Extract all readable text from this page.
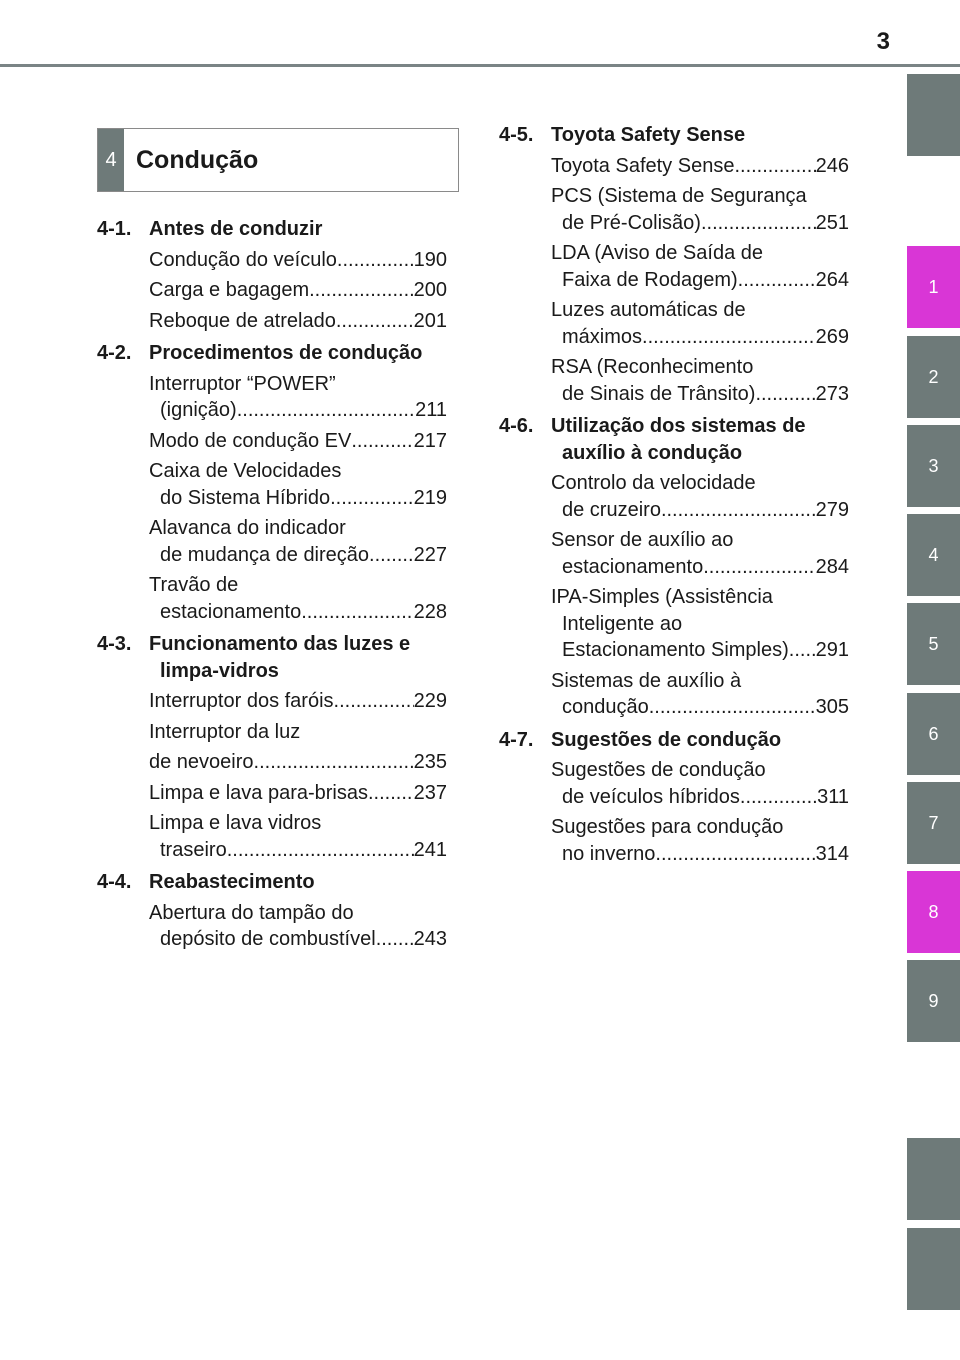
3
1
2
3
4
5
6
7
8
9
4 Condução
4-1. Antes de conduzir
Condução do veículo .....	190
Carga e bagagem .....	200
Reboque de atrelado .....	201
4-2. Procedimentos de condução
Interruptor “POWER”
(ignição) .....	211
Modo de condução EV .....	217
Caixa de Velocidades
do Sistema Híbrido .....	219
Alavanca do indicador
de mudança de direção ..... 227
Travão de
estacionamento .....	228
4-3. Funcionamento das luzes e
limpa-vidros
Interruptor dos faróis .....	229
Interruptor da luz
de nevoeiro .....	235
Limpa e lava para-brisas ..... 237
Limpa e lava vidros
traseiro .....	241
4-4. Reabastecimento
Abertura do tampão do
depósito de combustível ..... 243
4-5. Toyota Safety Sense
Toyota Safety Sense .....	246
PCS (Sistema de Segurança
de Pré-Colisão) .....	251
LDA (Aviso de Saída de
Faixa de Rodagem) .....	264
Luzes automáticas de
máximos .....	269
RSA (Reconhecimento
de Sinais de Trânsito) .....	273
4-6. Utilização dos sistemas de
auxílio à condução
Controlo da velocidade
de cruzeiro .....	279
Sensor de auxílio ao
estacionamento .....	284
IPA-Simples (Assistência
Inteligente ao
Estacionamento Simples) ..... 291
Sistemas de auxílio à
condução .....	305
4-7. Sugestões de condução
Sugestões de condução
de veículos híbridos .....	311
Sugestões para condução
no inverno .....	314
